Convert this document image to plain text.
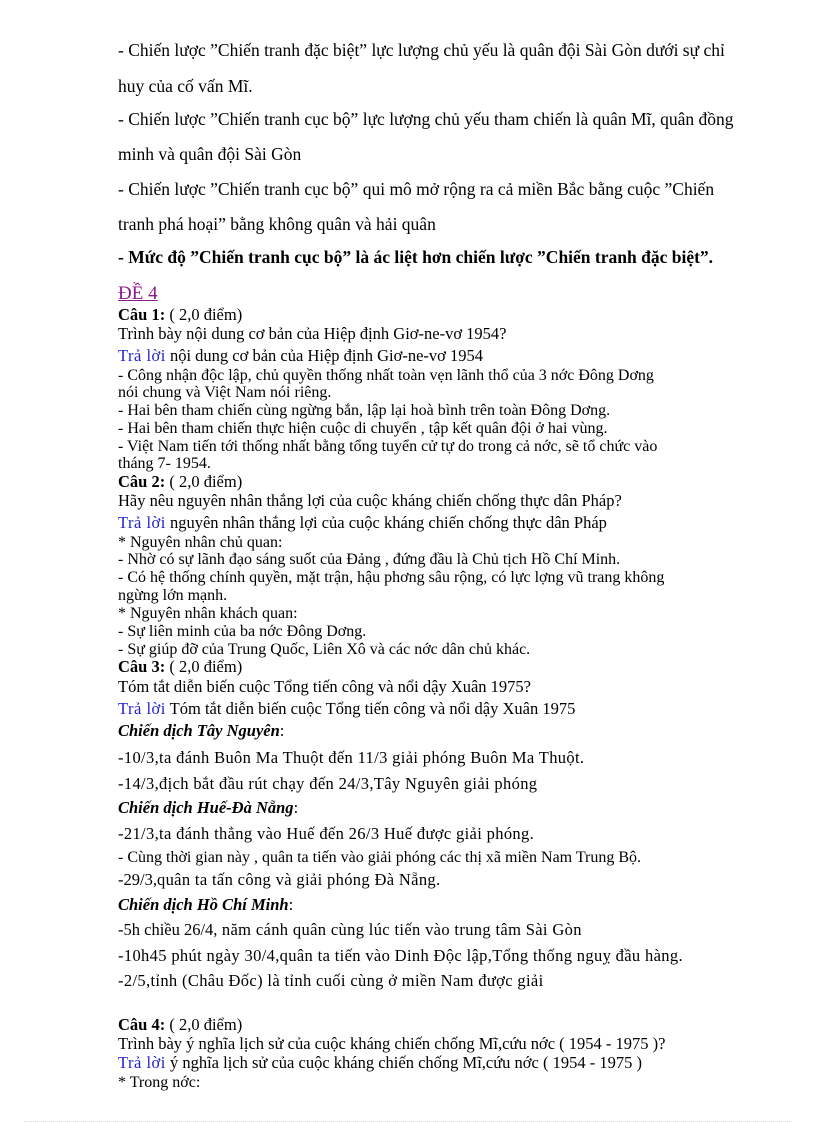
- Chiến lược ”Chiến tranh đặc biệt” lực lượng chủ yếu là quân đội Sài Gòn dưới sự chỉ
huy của cố vấn Mĩ.
- Chiến lược ”Chiến tranh cục bộ” lực lượng chủ yếu tham chiến là quân Mĩ, quân đồng
minh và quân đội Sài Gòn
- Chiến lược ”Chiến tranh cục bộ” qui mô mở rộng ra cả miền Bắc bằng cuộc ”Chiến
tranh phá hoại” bằng không quân và hải quân
- Mức độ ”Chiến tranh cục bộ” là ác liệt hơn chiến lược ”Chiến tranh đặc biệt”.
ĐỀ 4
Câu 1: ( 2,0 điểm)
Trình bày nội dung cơ bản của Hiệp định Giơ-ne-vơ 1954?
Trả lời nội dung cơ bản của Hiệp định Giơ-ne-vơ 1954
- Công nhận độc lập, chủ quyền thống nhất toàn vẹn lãnh thổ của 3 nớc Đông Dơng
nói chung và Việt Nam nói riêng.
- Hai bên tham chiến cùng ngừng bắn, lập lại hoà bình trên toàn Đông Dơng.
- Hai bên tham chiến thực hiện cuộc di chuyển , tập kết quân đội ở hai vùng.
- Việt Nam tiến tới thống nhất bằng tổng tuyển cử tự do trong cả nớc, sẽ tổ chức vào
tháng 7- 1954.
Câu 2: ( 2,0 điểm)
Hãy nêu nguyên nhân thắng lợi của cuộc kháng chiến chống thực dân Pháp?
Trả lời nguyên nhân thắng lợi của cuộc kháng chiến chống thực dân Pháp
* Nguyên nhân chủ quan:
- Nhờ có sự lãnh đạo sáng suốt của Đảng , đứng đầu là Chủ tịch Hồ Chí Minh.
- Có hệ thống chính quyền, mặt trận, hậu phơng sâu rộng, có lực lợng vũ trang không
ngừng lớn mạnh.
* Nguyên nhân khách quan:
- Sự liên minh của ba nớc Đông Dơng.
- Sự giúp đỡ của Trung Quốc, Liên Xô và các nớc dân chủ khác.
Câu 3: ( 2,0 điểm)
Tóm tắt diễn biến cuộc Tổng tiến công và nổi dậy Xuân 1975?
Trả lời Tóm tắt diễn biến cuộc Tổng tiến công và nổi dậy Xuân 1975
Chiến dịch Tây Nguyên:
-10/3,ta đánh Buôn Ma Thuột đến 11/3 giải phóng Buôn Ma Thuột.
-14/3,địch bắt đầu rút chạy đến 24/3,Tây Nguyên giải phóng
Chiến dịch Huế-Đà Nẵng:
-21/3,ta đánh thẳng vào Huế đến 26/3 Huế được giải phóng.
- Cùng thời gian này , quân ta tiến vào giải phóng các thị xã miền Nam Trung Bộ.
-29/3,quân ta tấn công và giải phóng Đà Nẵng.
Chiến dịch Hồ Chí Minh:
-5h chiều 26/4, năm cánh quân cùng lúc tiến vào trung tâm Sài Gòn
-10h45 phút ngày 30/4,quân ta tiến vào Dinh Độc lập,Tổng thống nguỵ đầu hàng.
-2/5,tỉnh (Châu Đốc) là tỉnh cuối cùng ở miền Nam được giải
Câu 4: ( 2,0 điểm)
Trình bày ý nghĩa lịch sử của cuộc kháng chiến chống Mĩ,cứu nớc ( 1954 - 1975 )?
Trả lời ý nghĩa lịch sử của cuộc kháng chiến chống Mĩ,cứu nớc ( 1954 - 1975 )
* Trong nớc:
